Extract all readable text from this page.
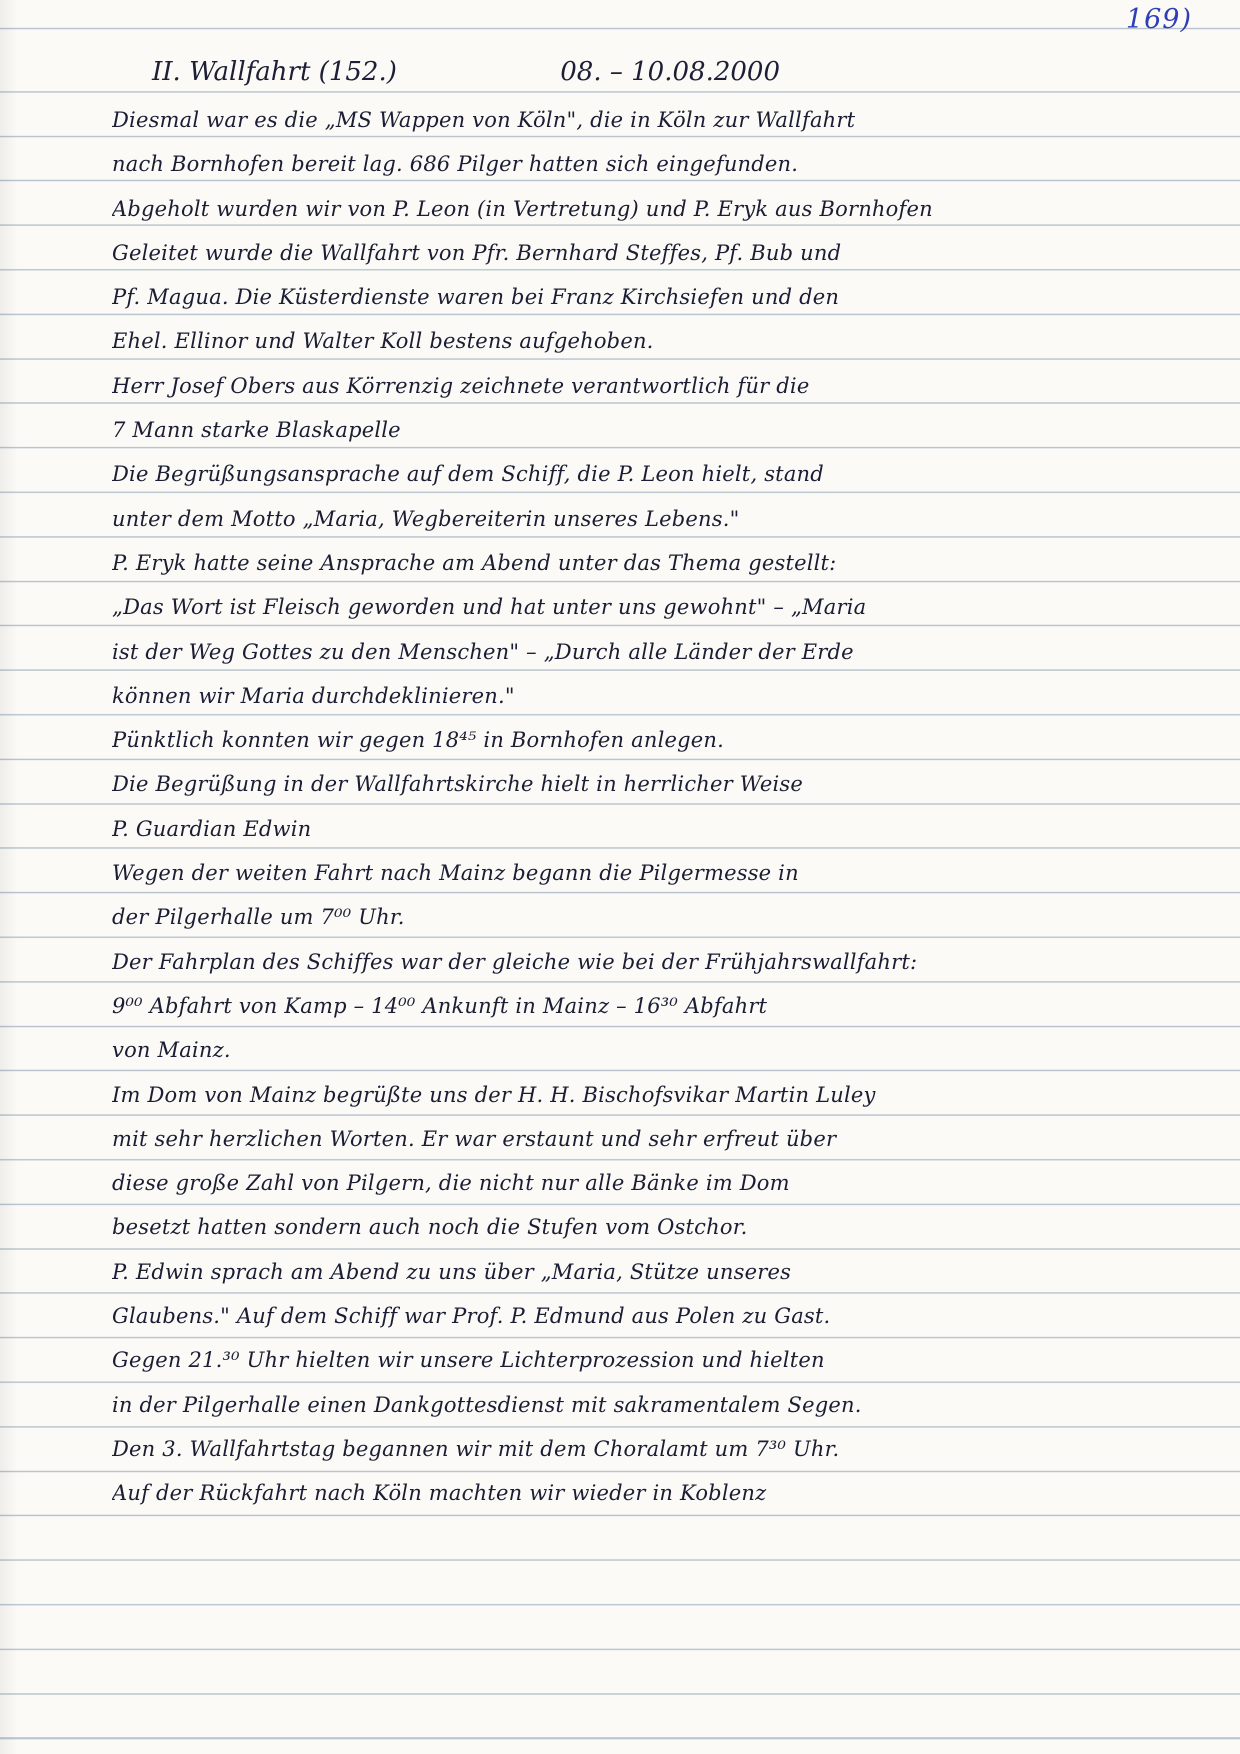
169)
II. Wallfahrt (152.)	08. – 10.08.2000
Diesmal war es die „MS Wappen von Köln", die in Köln zur Wallfahrt
nach Bornhofen bereit lag. 686 Pilger hatten sich eingefunden.
Abgeholt wurden wir von P. Leon (in Vertretung) und P. Eryk aus Bornhofen
Geleitet wurde die Wallfahrt von Pfr. Bernhard Steffes, Pf. Bub und
Pf. Magua. Die Küsterdienste waren bei Franz Kirchsiefen und den
Ehel. Ellinor und Walter Koll bestens aufgehoben.
Herr Josef Obers aus Körrenzig zeichnete verantwortlich für die
7 Mann starke Blaskapelle
Die Begrüßungsansprache auf dem Schiff, die P. Leon hielt, stand
unter dem Motto „Maria, Wegbereiterin unseres Lebens."
P. Eryk hatte seine Ansprache am Abend unter das Thema gestellt:
„Das Wort ist Fleisch geworden und hat unter uns gewohnt" – „Maria
ist der Weg Gottes zu den Menschen" – „Durch alle Länder der Erde
können wir Maria durchdeklinieren."
Pünktlich konnten wir gegen 18⁴⁵ in Bornhofen anlegen.
Die Begrüßung in der Wallfahrtskirche hielt in herrlicher Weise
P. Guardian Edwin
Wegen der weiten Fahrt nach Mainz begann die Pilgermesse in
der Pilgerhalle um 7⁰⁰ Uhr.
Der Fahrplan des Schiffes war der gleiche wie bei der Frühjahrswallfahrt:
9⁰⁰ Abfahrt von Kamp – 14⁰⁰ Ankunft in Mainz – 16³⁰ Abfahrt
von Mainz.
Im Dom von Mainz begrüßte uns der H. H. Bischofsvikar Martin Luley
mit sehr herzlichen Worten. Er war erstaunt und sehr erfreut über
diese große Zahl von Pilgern, die nicht nur alle Bänke im Dom
besetzt hatten sondern auch noch die Stufen vom Ostchor.
P. Edwin sprach am Abend zu uns über „Maria, Stütze unseres
Glaubens." Auf dem Schiff war Prof. P. Edmund aus Polen zu Gast.
Gegen 21.³⁰ Uhr hielten wir unsere Lichterprozession und hielten
in der Pilgerhalle einen Dankgottesdienst mit sakramentalem Segen.
Den 3. Wallfahrtstag begannen wir mit dem Choralamt um 7³⁰ Uhr.
Auf der Rückfahrt nach Köln machten wir wieder in Koblenz
